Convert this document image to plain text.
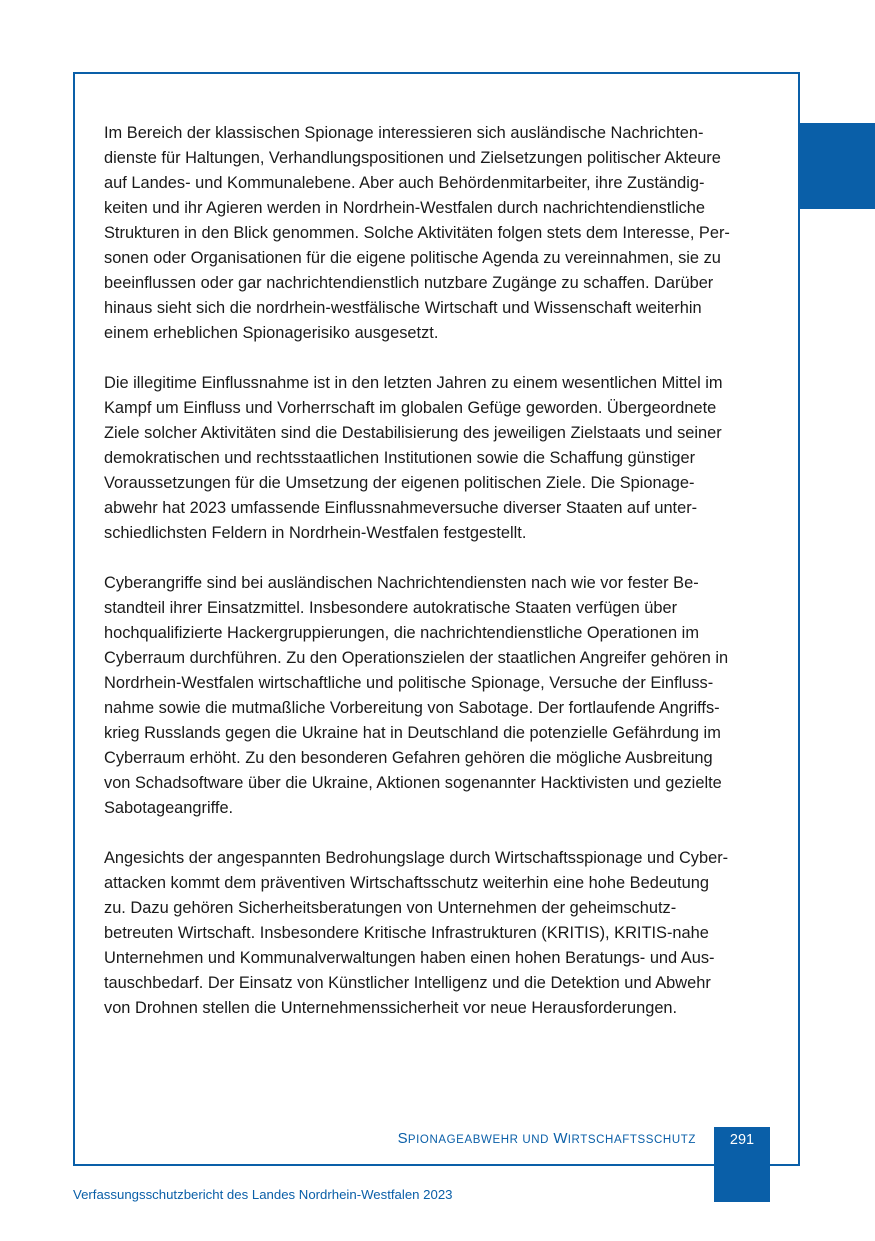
Im Bereich der klassischen Spionage interessieren sich ausländische Nachrichten-
dienste für Haltungen, Verhandlungspositionen und Zielsetzungen politischer Akteure
auf Landes- und Kommunalebene. Aber auch Behördenmitarbeiter, ihre Zuständig-
keiten und ihr Agieren werden in Nordrhein-Westfalen durch nachrichtendienstliche
Strukturen in den Blick genommen. Solche Aktivitäten folgen stets dem Interesse, Per-
sonen oder Organisationen für die eigene politische Agenda zu vereinnahmen, sie zu
beeinflussen oder gar nachrichtendienstlich nutzbare Zugänge zu schaffen. Darüber
hinaus sieht sich die nordrhein-westfälische Wirtschaft und Wissenschaft weiterhin
einem erheblichen Spionagerisiko ausgesetzt.

Die illegitime Einflussnahme ist in den letzten Jahren zu einem wesentlichen Mittel im
Kampf um Einfluss und Vorherrschaft im globalen Gefüge geworden. Übergeordnete
Ziele solcher Aktivitäten sind die Destabilisierung des jeweiligen Zielstaats und seiner
demokratischen und rechtsstaatlichen Institutionen sowie die Schaffung günstiger
Voraussetzungen für die Umsetzung der eigenen politischen Ziele. Die Spionage-
abwehr hat 2023 umfassende Einflussnahmeversuche diverser Staaten auf unter-
schiedlichsten Feldern in Nordrhein-Westfalen festgestellt.

Cyberangriffe sind bei ausländischen Nachrichtendiensten nach wie vor fester Be-
standteil ihrer Einsatzmittel. Insbesondere autokratische Staaten verfügen über
hochqualifizierte Hackergruppierungen, die nachrichtendienstliche Operationen im
Cyberraum durchführen. Zu den Operationszielen der staatlichen Angreifer gehören in
Nordrhein-Westfalen wirtschaftliche und politische Spionage, Versuche der Einfluss-
nahme sowie die mutmaßliche Vorbereitung von Sabotage. Der fortlaufende Angriffs-
krieg Russlands gegen die Ukraine hat in Deutschland die potenzielle Gefährdung im
Cyberraum erhöht. Zu den besonderen Gefahren gehören die mögliche Ausbreitung
von Schadsoftware über die Ukraine, Aktionen sogenannter Hacktivisten und gezielte
Sabotageangriffe.

Angesichts der angespannten Bedrohungslage durch Wirtschaftsspionage und Cyber-
attacken kommt dem präventiven Wirtschaftsschutz weiterhin eine hohe Bedeutung
zu. Dazu gehören Sicherheitsberatungen von Unternehmen der geheimschutz-
betreuten Wirtschaft. Insbesondere Kritische Infrastrukturen (KRITIS), KRITIS-nahe
Unternehmen und Kommunalverwaltungen haben einen hohen Beratungs- und Aus-
tauschbedarf. Der Einsatz von Künstlicher Intelligenz und die Detektion und Abwehr
von Drohnen stellen die Unternehmenssicherheit vor neue Herausforderungen.

SPIONAGEABWEHR UND WIRTSCHAFTSSCHUTZ	291
Verfassungsschutzbericht des Landes Nordrhein-Westfalen 2023
